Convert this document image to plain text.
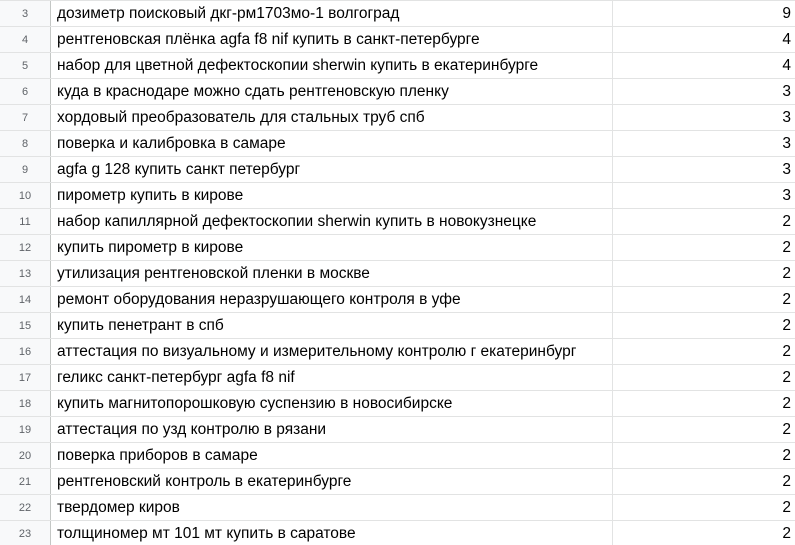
3	дозиметр поисковый дкг-рм1703мо-1 волгоград	9
4	рентгеновская плёнка agfa f8 nif купить в санкт-петербурге	4
5	набор для цветной дефектоскопии sherwin купить в екатеринбурге	4
6	куда в краснодаре можно сдать рентгеновскую пленку	3
7	хордовый преобразователь для стальных труб спб	3
8	поверка и калибровка в самаре	3
9	agfa g 128 купить санкт петербург	3
10	пирометр купить в кирове	3
11	набор капиллярной дефектоскопии sherwin купить в новокузнецке	2
12	купить пирометр в кирове	2
13	утилизация рентгеновской пленки в москве	2
14	ремонт оборудования неразрушающего контроля в уфе	2
15	купить пенетрант в спб	2
16	аттестация по визуальному и измерительному контролю г екатеринбург	2
17	геликс санкт-петербург agfa f8 nif	2
18	купить магнитопорошковую суспензию в новосибирске	2
19	аттестация по узд контролю в рязани	2
20	поверка приборов в самаре	2
21	рентгеновский контроль в екатеринбурге	2
22	твердомер киров	2
23	толщиномер мт 101 мт купить в саратове	2
